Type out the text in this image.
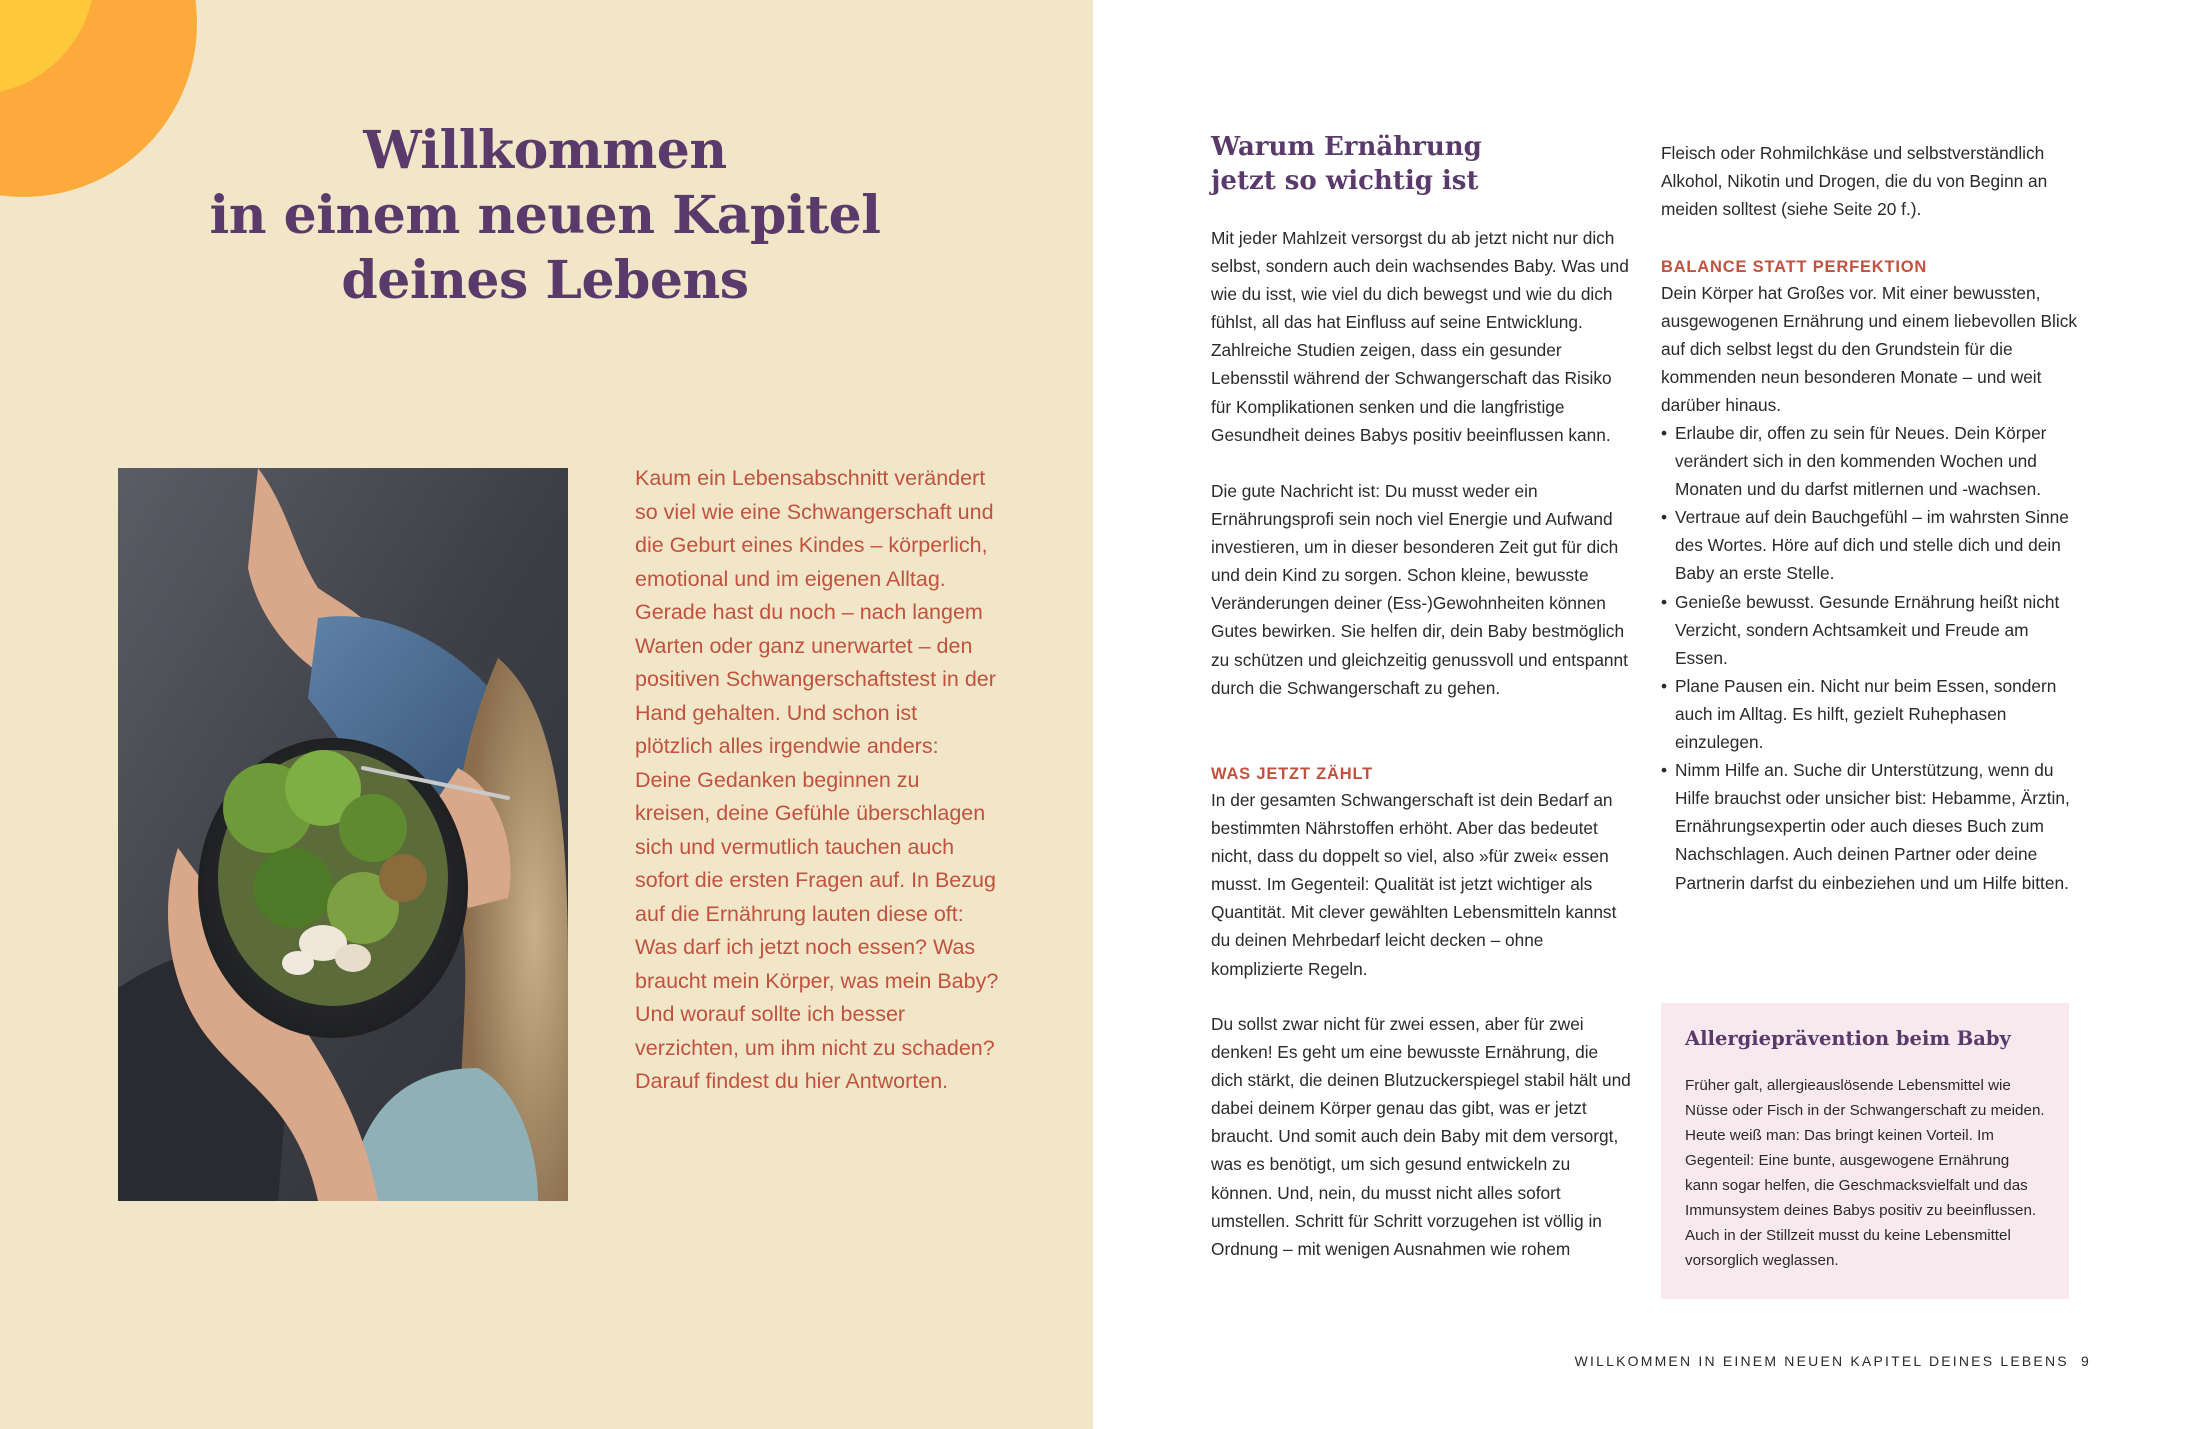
Willkommen
in einem neuen Kapitel
deines Lebens

Kaum ein Lebensabschnitt verändert so viel wie eine Schwangerschaft und die Geburt eines Kindes – körperlich, emotional und im eigenen Alltag. Gerade hast du noch – nach langem Warten oder ganz unerwartet – den positiven Schwangerschaftstest in der Hand gehalten. Und schon ist plötzlich alles irgendwie anders: Deine Gedanken beginnen zu kreisen, deine Gefühle überschlagen sich und vermutlich tauchen auch sofort die ersten Fragen auf. In Bezug auf die Ernährung lauten diese oft: Was darf ich jetzt noch essen? Was braucht mein Körper, was mein Baby? Und worauf sollte ich besser verzichten, um ihm nicht zu schaden? Darauf findest du hier Antworten.

Warum Ernährung
jetzt so wichtig ist

Mit jeder Mahlzeit versorgst du ab jetzt nicht nur dich selbst, sondern auch dein wachsendes Baby. Was und wie du isst, wie viel du dich bewegst und wie du dich fühlst, all das hat Einfluss auf seine Entwicklung. Zahlreiche Studien zeigen, dass ein gesunder Lebensstil während der Schwangerschaft das Risiko für Komplikationen senken und die langfristige Gesundheit deines Babys positiv beeinflussen kann.

Die gute Nachricht ist: Du musst weder ein Ernährungsprofi sein noch viel Energie und Aufwand investieren, um in dieser besonderen Zeit gut für dich und dein Kind zu sorgen. Schon kleine, bewusste Veränderungen deiner (Ess-)Gewohnheiten können Gutes bewirken. Sie helfen dir, dein Baby bestmöglich zu schützen und gleichzeitig genussvoll und entspannt durch die Schwangerschaft zu gehen.

WAS JETZT ZÄHLT

In der gesamten Schwangerschaft ist dein Bedarf an bestimmten Nährstoffen erhöht. Aber das bedeutet nicht, dass du doppelt so viel, also »für zwei« essen musst. Im Gegenteil: Qualität ist jetzt wichtiger als Quantität. Mit clever gewählten Lebensmitteln kannst du deinen Mehrbedarf leicht decken – ohne komplizierte Regeln.

Du sollst zwar nicht für zwei essen, aber für zwei denken! Es geht um eine bewusste Ernährung, die dich stärkt, die deinen Blutzuckerspiegel stabil hält und dabei deinem Körper genau das gibt, was er jetzt braucht. Und somit auch dein Baby mit dem versorgt, was es benötigt, um sich gesund entwickeln zu können. Und, nein, du musst nicht alles sofort umstellen. Schritt für Schritt vorzugehen ist völlig in Ordnung – mit wenigen Ausnahmen wie rohem

Fleisch oder Rohmilchkäse und selbstverständlich Alkohol, Nikotin und Drogen, die du von Beginn an meiden solltest (siehe Seite 20 f.).

BALANCE STATT PERFEKTION

Dein Körper hat Großes vor. Mit einer bewussten, ausgewogenen Ernährung und einem liebevollen Blick auf dich selbst legst du den Grundstein für die kommenden neun besonderen Monate – und weit darüber hinaus.

• Erlaube dir, offen zu sein für Neues. Dein Körper verändert sich in den kommenden Wochen und Monaten und du darfst mitlernen und -wachsen.
• Vertraue auf dein Bauchgefühl – im wahrsten Sinne des Wortes. Höre auf dich und stelle dich und dein Baby an erste Stelle.
• Genieße bewusst. Gesunde Ernährung heißt nicht Verzicht, sondern Achtsamkeit und Freude am Essen.
• Plane Pausen ein. Nicht nur beim Essen, sondern auch im Alltag. Es hilft, gezielt Ruhephasen einzulegen.
• Nimm Hilfe an. Suche dir Unterstützung, wenn du Hilfe brauchst oder unsicher bist: Hebamme, Ärztin, Ernährungsexpertin oder auch dieses Buch zum Nachschlagen. Auch deinen Partner oder deine Partnerin darfst du einbeziehen und um Hilfe bitten.
Allergieprävention beim Baby

Früher galt, allergieauslösende Lebensmittel wie Nüsse oder Fisch in der Schwangerschaft zu meiden. Heute weiß man: Das bringt keinen Vorteil. Im Gegenteil: Eine bunte, ausgewogene Ernährung kann sogar helfen, die Geschmacksvielfalt und das Immunsystem deines Babys positiv zu beeinflussen. Auch in der Stillzeit musst du keine Lebensmittel vorsorglich weglassen.

WILLKOMMEN IN EINEM NEUEN KAPITEL DEINES LEBENS 9
